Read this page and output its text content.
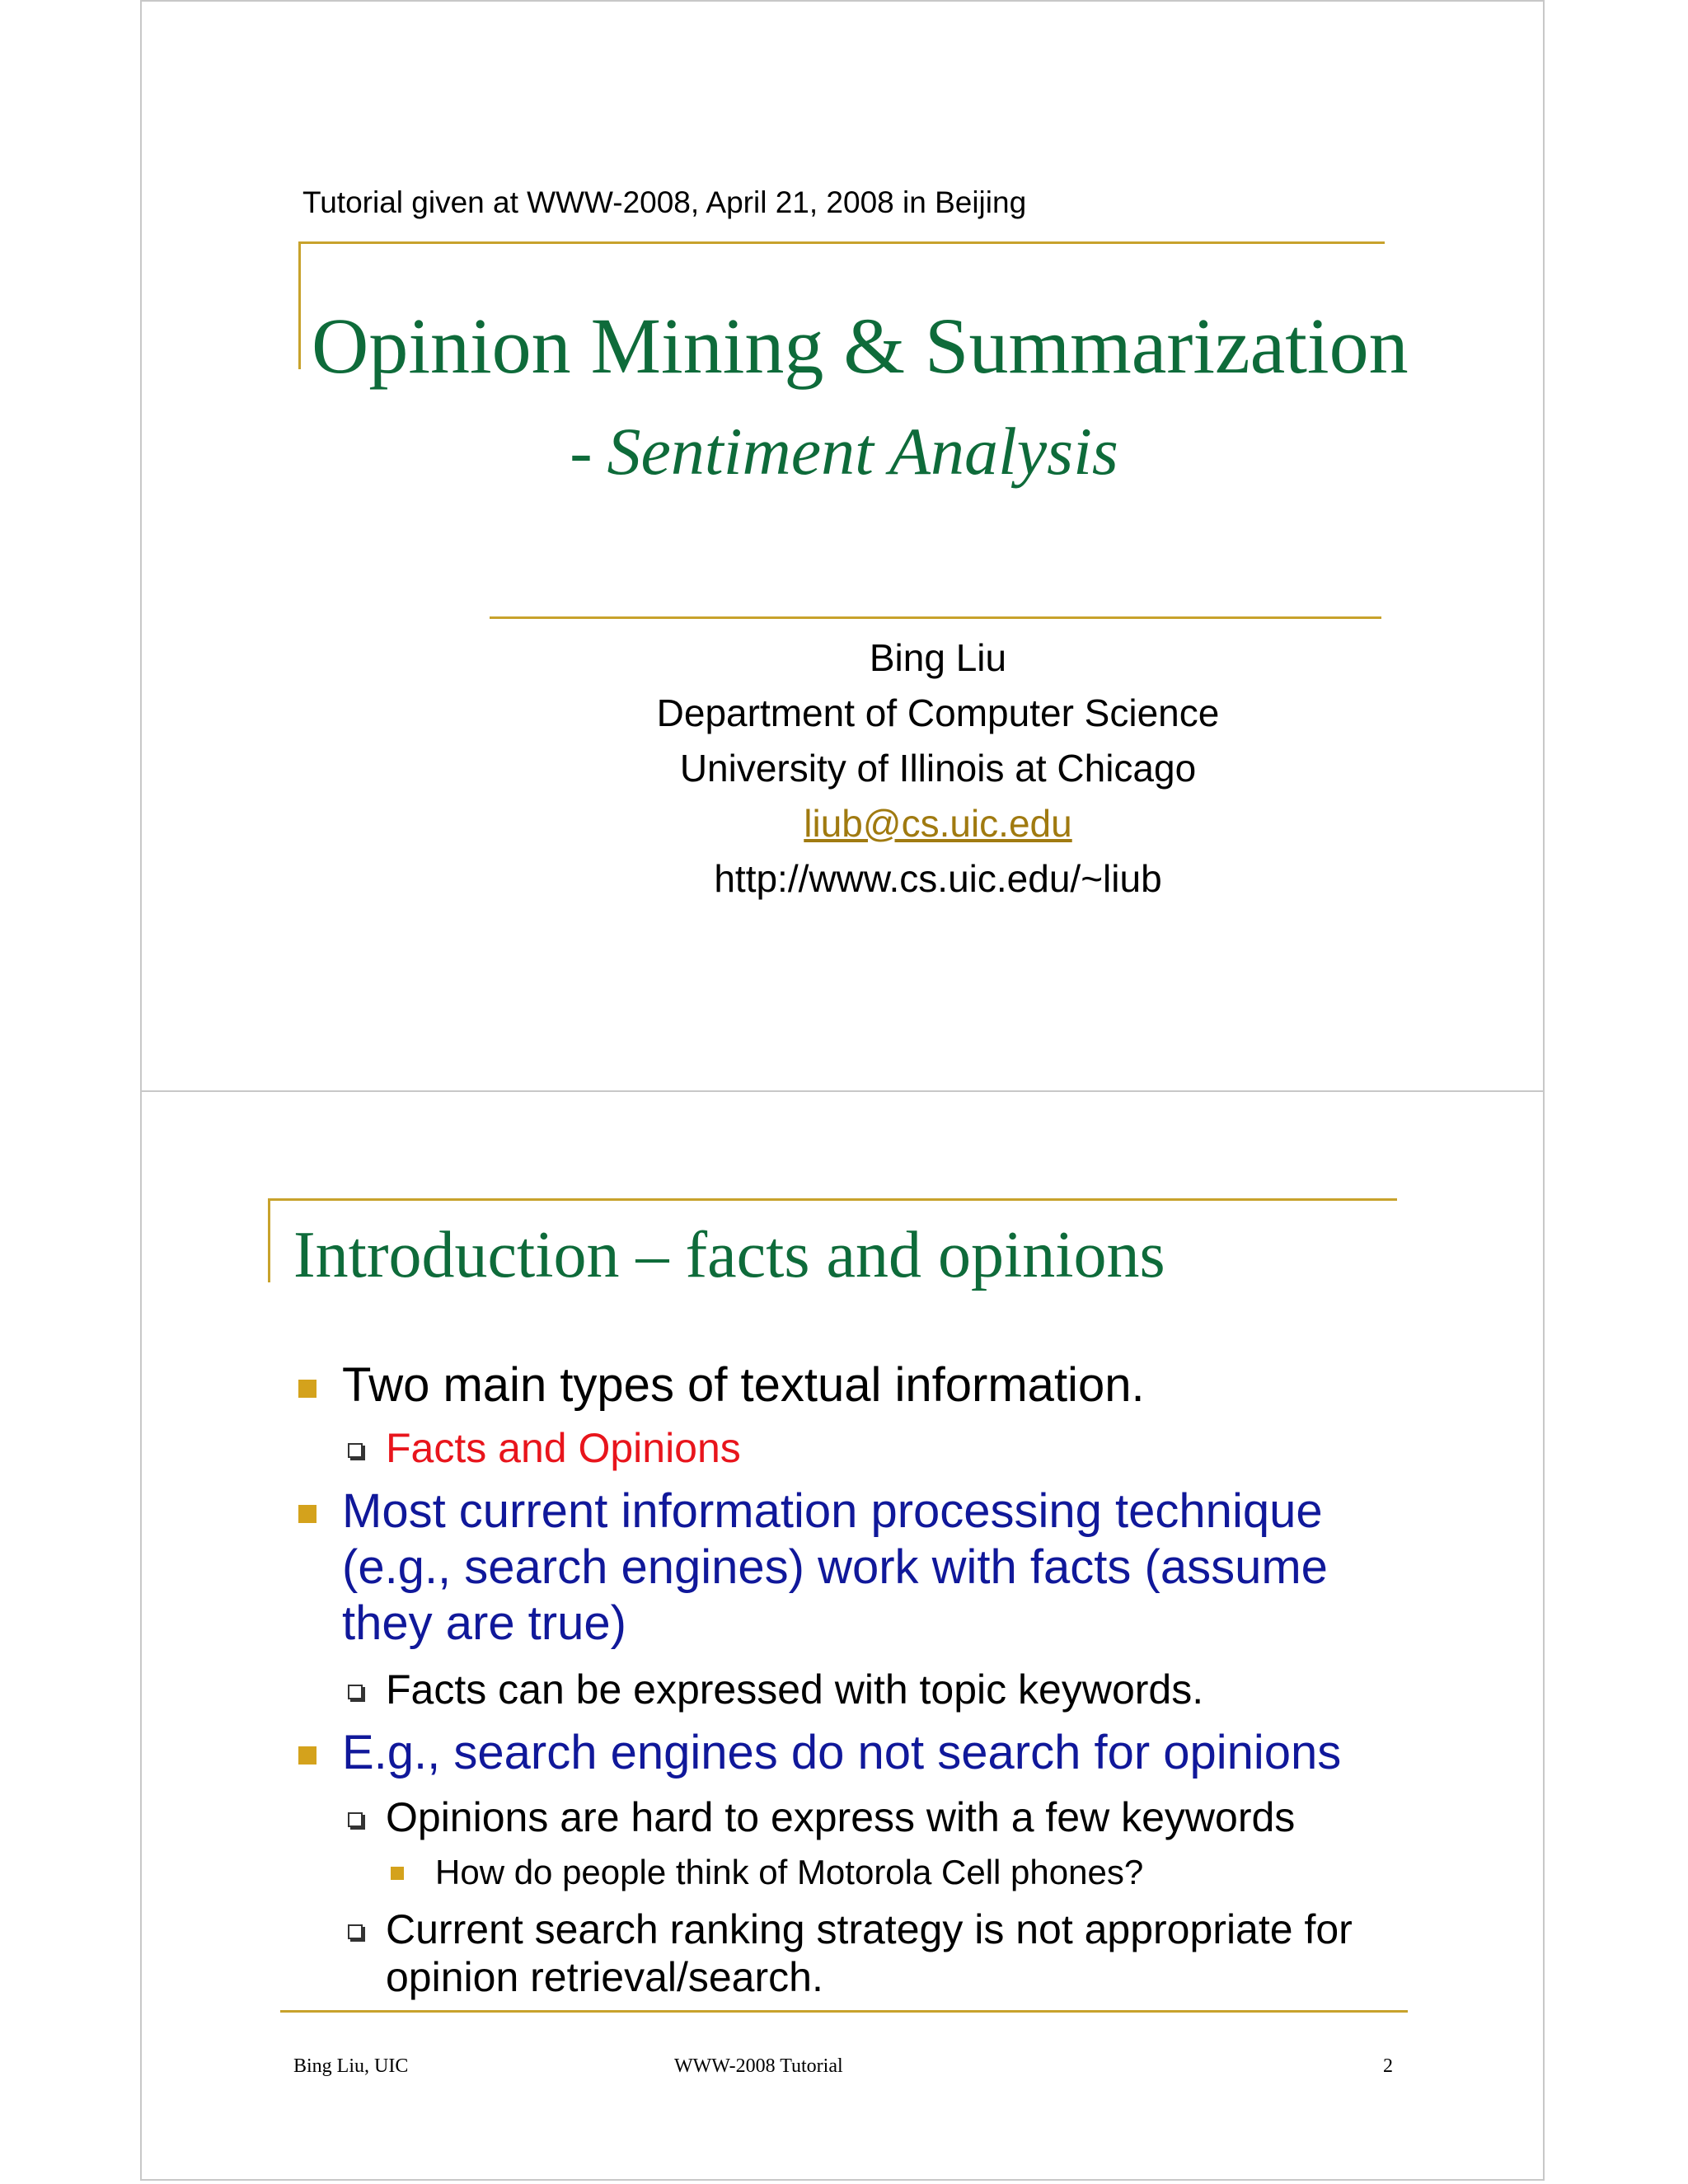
Tutorial given at WWW-2008, April 21, 2008 in Beijing
Opinion Mining & Summarization
- Sentiment Analysis
Bing Liu
Department of Computer Science
University of Illinois at Chicago
liub@cs.uic.edu
http://www.cs.uic.edu/~liub
Introduction – facts and opinions
Two main types of textual information.
Facts and Opinions
Most current information processing technique
(e.g., search engines) work with facts (assume
they are true)
Facts can be expressed with topic keywords.
E.g., search engines do not search for opinions
Opinions are hard to express with a few keywords
How do people think of Motorola Cell phones?
Current search ranking strategy is not appropriate for
opinion retrieval/search.
Bing Liu, UIC	WWW-2008 Tutorial	2
